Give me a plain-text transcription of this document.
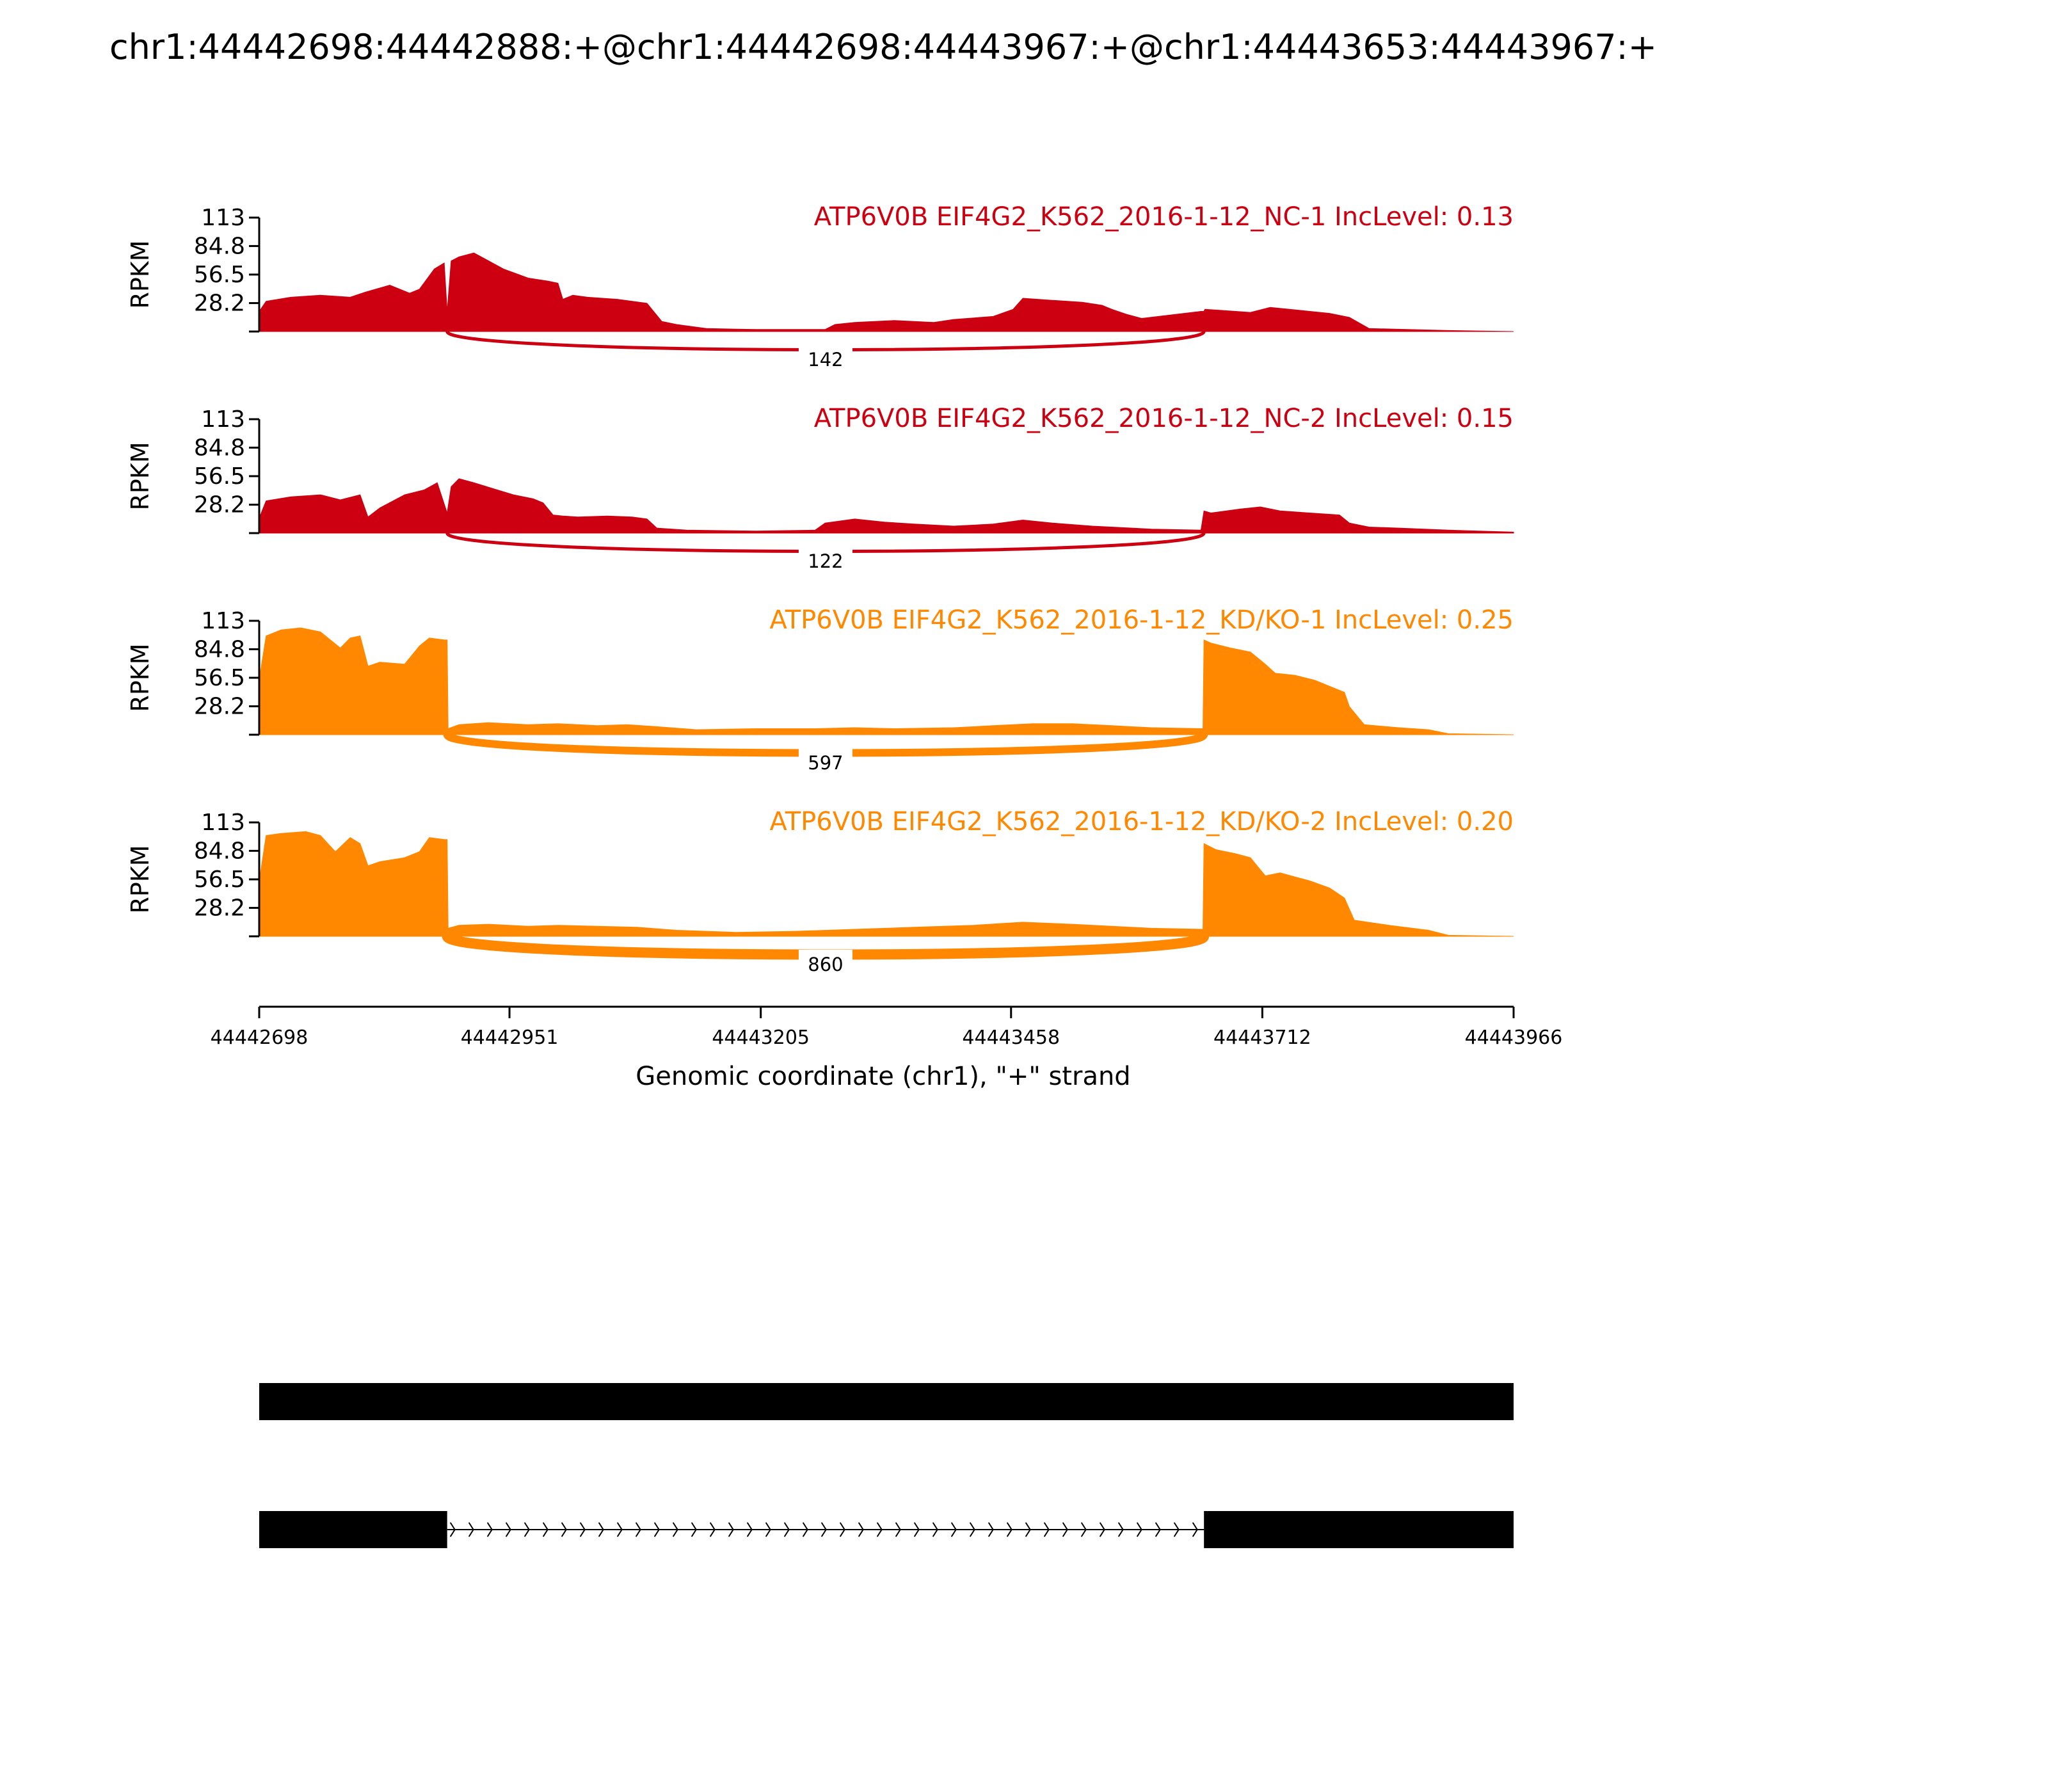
chr1:44442698:44442888:+@chr1:44442698:44443967:+@chr1:44443653:44443967:+
142
28.2
56.5
84.8
113
RPKM
ATP6V0B EIF4G2_K562_2016-1-12_NC-1 IncLevel: 0.13
122
28.2
56.5
84.8
113
RPKM
ATP6V0B EIF4G2_K562_2016-1-12_NC-2 IncLevel: 0.15
597
28.2
56.5
84.8
113
RPKM
ATP6V0B EIF4G2_K562_2016-1-12_KD/KO-1 IncLevel: 0.25
860
28.2
56.5
84.8
113
RPKM
ATP6V0B EIF4G2_K562_2016-1-12_KD/KO-2 IncLevel: 0.20
44442698	44442951	44443205	44443458	44443712	44443966
Genomic coordinate (chr1), "+" strand
